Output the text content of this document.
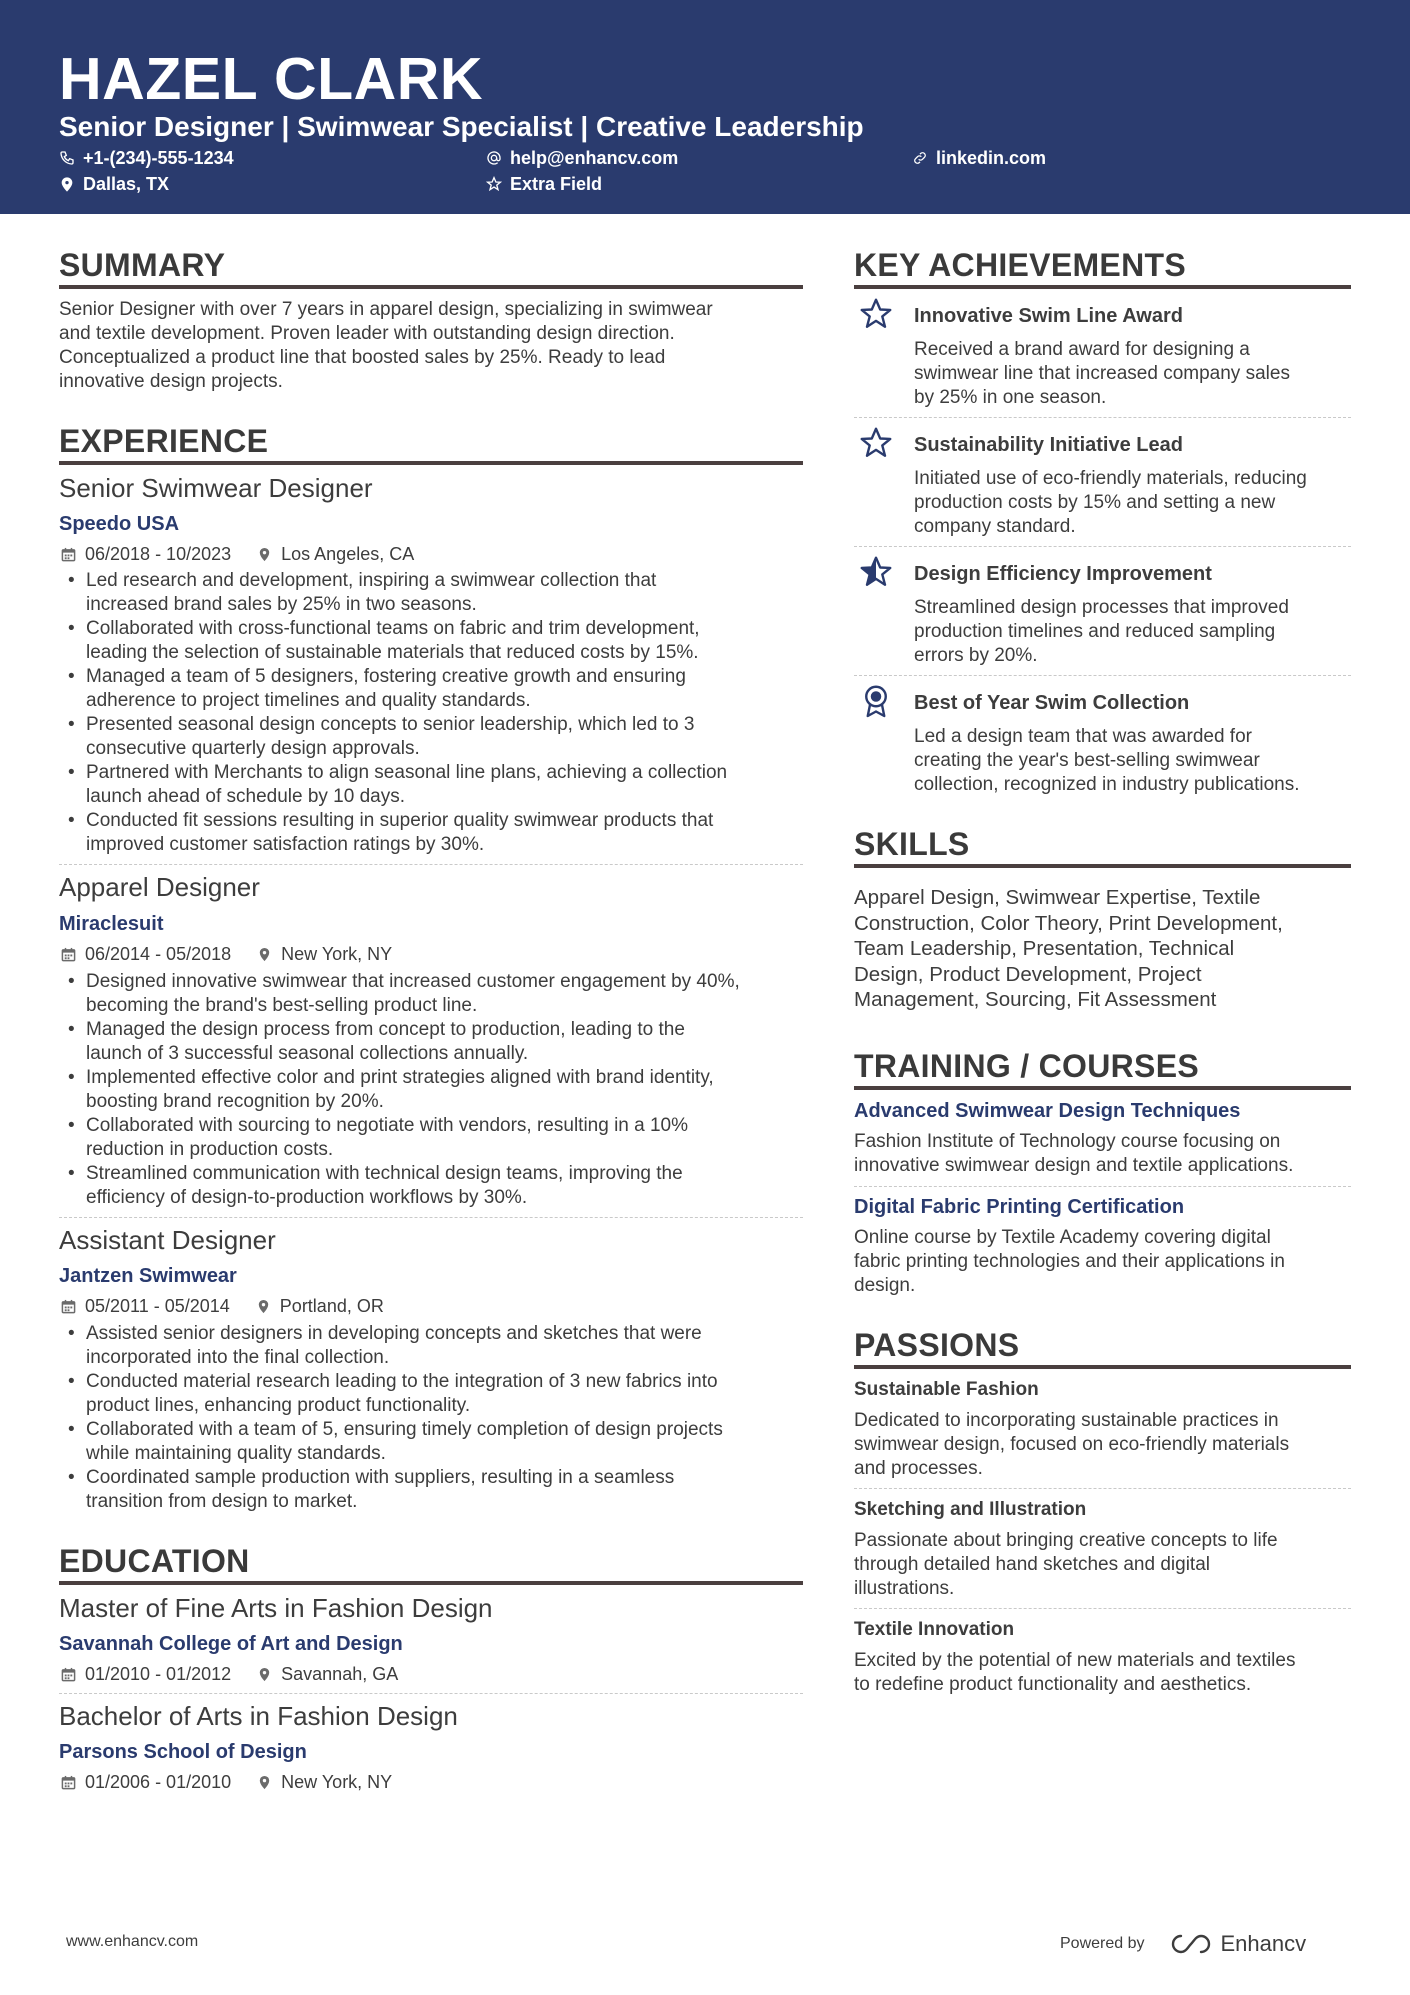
HAZEL CLARK
Senior Designer | Swimwear Specialist | Creative Leadership
+1-(234)-555-1234	help@enhancv.com	linkedin.com
Dallas, TX	Extra Field
SUMMARY
Senior Designer with over 7 years in apparel design, specializing in swimwear
and textile development. Proven leader with outstanding design direction.
Conceptualized a product line that boosted sales by 25%. Ready to lead
innovative design projects.
EXPERIENCE
Senior Swimwear Designer
Speedo USA
06/2018 - 10/2023	Los Angeles, CA
• Led research and development, inspiring a swimwear collection that
increased brand sales by 25% in two seasons.
• Collaborated with cross-functional teams on fabric and trim development,
leading the selection of sustainable materials that reduced costs by 15%.
• Managed a team of 5 designers, fostering creative growth and ensuring
adherence to project timelines and quality standards.
• Presented seasonal design concepts to senior leadership, which led to 3
consecutive quarterly design approvals.
• Partnered with Merchants to align seasonal line plans, achieving a collection
launch ahead of schedule by 10 days.
• Conducted fit sessions resulting in superior quality swimwear products that
improved customer satisfaction ratings by 30%.
Apparel Designer
Miraclesuit
06/2014 - 05/2018	New York, NY
• Designed innovative swimwear that increased customer engagement by 40%,
becoming the brand's best-selling product line.
• Managed the design process from concept to production, leading to the
launch of 3 successful seasonal collections annually.
• Implemented effective color and print strategies aligned with brand identity,
boosting brand recognition by 20%.
• Collaborated with sourcing to negotiate with vendors, resulting in a 10%
reduction in production costs.
• Streamlined communication with technical design teams, improving the
efficiency of design-to-production workflows by 30%.
Assistant Designer
Jantzen Swimwear
05/2011 - 05/2014	Portland, OR
• Assisted senior designers in developing concepts and sketches that were
incorporated into the final collection.
• Conducted material research leading to the integration of 3 new fabrics into
product lines, enhancing product functionality.
• Collaborated with a team of 5, ensuring timely completion of design projects
while maintaining quality standards.
• Coordinated sample production with suppliers, resulting in a seamless
transition from design to market.
EDUCATION
Master of Fine Arts in Fashion Design
Savannah College of Art and Design
01/2010 - 01/2012	Savannah, GA
Bachelor of Arts in Fashion Design
Parsons School of Design
01/2006 - 01/2010	New York, NY
KEY ACHIEVEMENTS
Innovative Swim Line Award
Received a brand award for designing a
swimwear line that increased company sales
by 25% in one season.
Sustainability Initiative Lead
Initiated use of eco-friendly materials, reducing
production costs by 15% and setting a new
company standard.
Design Efficiency Improvement
Streamlined design processes that improved
production timelines and reduced sampling
errors by 20%.
Best of Year Swim Collection
Led a design team that was awarded for
creating the year's best-selling swimwear
collection, recognized in industry publications.
SKILLS
Apparel Design, Swimwear Expertise, Textile
Construction, Color Theory, Print Development,
Team Leadership, Presentation, Technical
Design, Product Development, Project
Management, Sourcing, Fit Assessment
TRAINING / COURSES
Advanced Swimwear Design Techniques
Fashion Institute of Technology course focusing on
innovative swimwear design and textile applications.
Digital Fabric Printing Certification
Online course by Textile Academy covering digital
fabric printing technologies and their applications in
design.
PASSIONS
Sustainable Fashion
Dedicated to incorporating sustainable practices in
swimwear design, focused on eco-friendly materials
and processes.
Sketching and Illustration
Passionate about bringing creative concepts to life
through detailed hand sketches and digital
illustrations.
Textile Innovation
Excited by the potential of new materials and textiles
to redefine product functionality and aesthetics.
www.enhancv.com	Powered by	Enhancv
